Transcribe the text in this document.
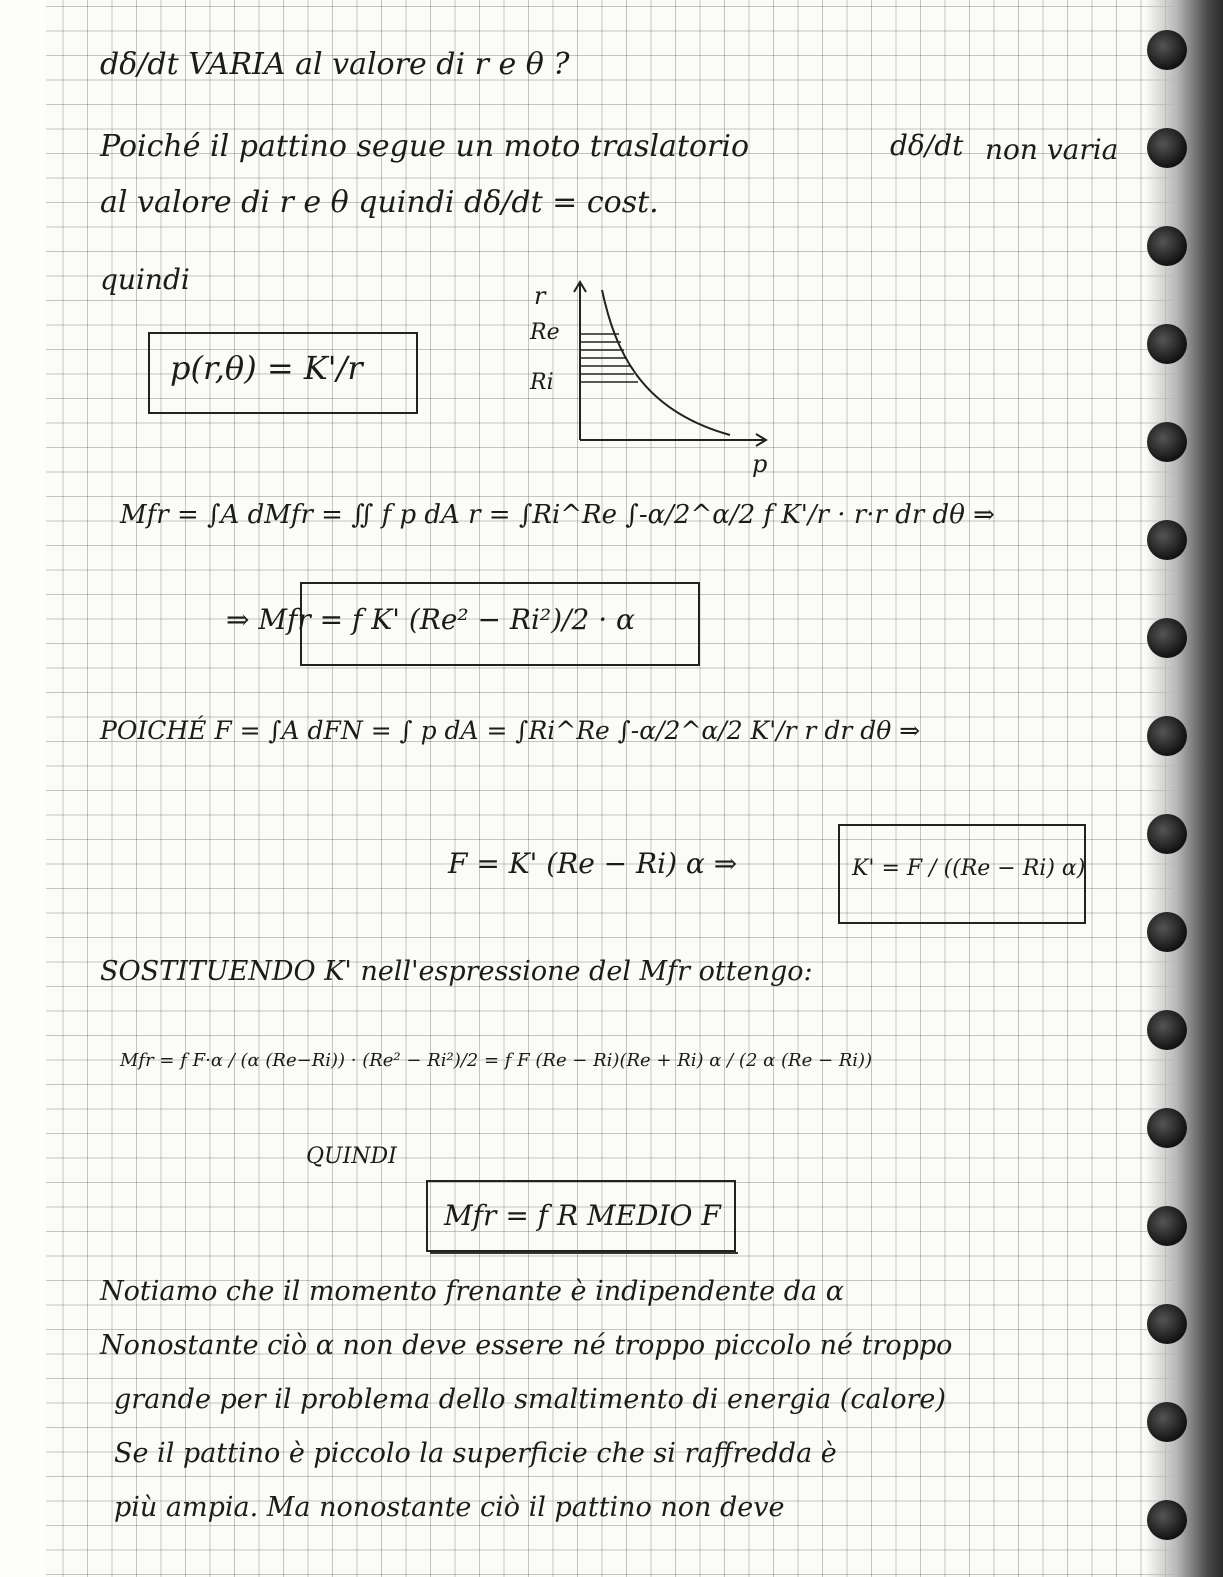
dδ/dt VARIA al valore di r e θ ?
Poiché il pattino segue un moto traslatorio	dδ/dt non varia
al valore di r e θ quindi dδ/dt = cost.
quindi
p(r,θ) = K'/r
r
Re
Ri
p
Mfr = ∫A dMfr = ∬ f p dA r = ∫Ri^Re ∫-α/2^α/2 f K'/r · r·r dr dθ ⇒
⇒ Mfr = f K' (Re² − Ri²)/2 · α
POICHÉ F = ∫A dFN = ∫ p dA = ∫Ri^Re ∫-α/2^α/2 K'/r r dr dθ ⇒
F = K' (Re − Ri) α ⇒	K' = F / ((Re − Ri) α)
SOSTITUENDO K' nell'espressione del Mfr ottengo:
Mfr = f F·α / (α (Re−Ri)) · (Re² − Ri²)/2 = f F (Re − Ri)(Re + Ri) α / (2 α (Re − Ri))
QUINDI
Mfr = f R MEDIO F
Notiamo che il momento frenante è indipendente da α
Nonostante ciò α non deve essere né troppo piccolo né troppo
grande per il problema dello smaltimento di energia (calore)
Se il pattino è piccolo la superficie che si raffredda è
più ampia. Ma nonostante ciò il pattino non deve
